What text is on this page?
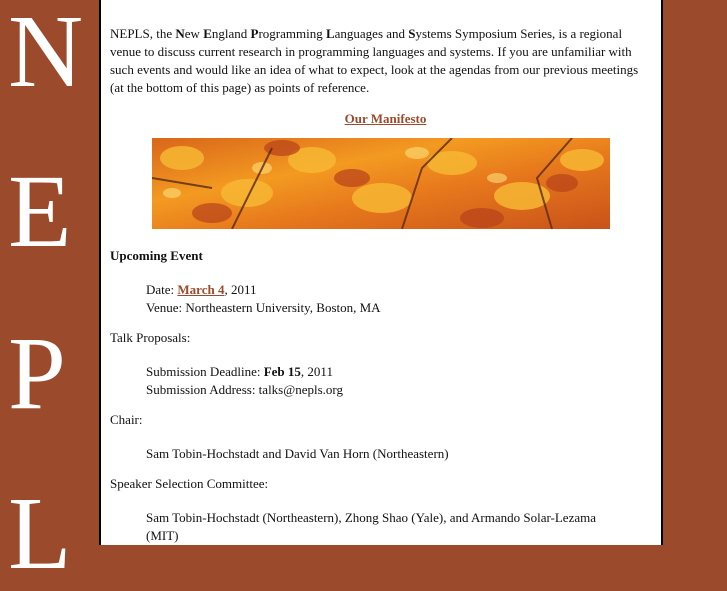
N
E
P
L
NEPLS, the New England Programming Languages and Systems Symposium Series, is a regional venue to discuss current research in programming languages and systems. If you are unfamiliar with such events and would like an idea of what to expect, look at the agendas from our previous meetings (at the bottom of this page) as points of reference.
Our Manifesto
Upcoming Event
Date: March 4, 2011
Venue: Northeastern University, Boston, MA
Talk Proposals:
Submission Deadline: Feb 15, 2011
Submission Address: talks@nepls.org
Chair:
Sam Tobin-Hochstadt and David Van Horn (Northeastern)
Speaker Selection Committee:
Sam Tobin-Hochstadt (Northeastern), Zhong Shao (Yale), and Armando Solar-Lezama (MIT)
